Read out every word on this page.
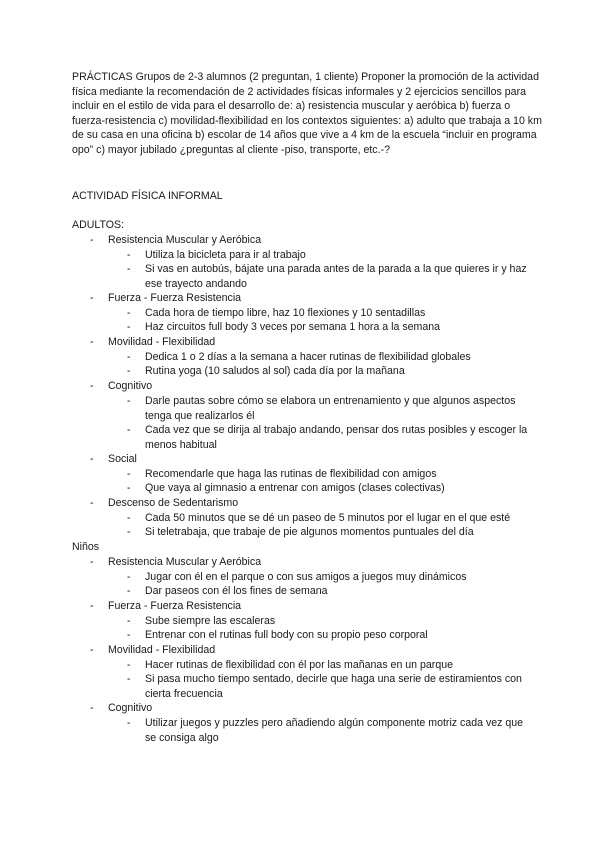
PRÁCTICAS Grupos de 2-3 alumnos (2 preguntan, 1 cliente) Proponer la promoción de la actividad física mediante la recomendación de 2 actividades físicas informales y 2 ejercicios sencillos para incluir en el estilo de vida para el desarrollo de: a) resistencia muscular y aeróbica b) fuerza o fuerza-resistencia c) movilidad-flexibilidad en los contextos siguientes: a) adulto que trabaja a 10 km de su casa en una oficina b) escolar de 14 años que vive a 4 km de la escuela “incluir en programa opo” c) mayor jubilado ¿preguntas al cliente -piso, transporte, etc.-?

ACTIVIDAD FÍSICA INFORMAL

ADULTOS:

- Resistencia Muscular y Aeróbica
- Utiliza la bicicleta para ir al trabajo
- Si vas en autobús, bájate una parada antes de la parada a la que quieres ir y haz ese trayecto andando
- Fuerza - Fuerza Resistencia
- Cada hora de tiempo libre, haz 10 flexiones y 10 sentadillas
- Haz circuitos full body 3 veces por semana 1 hora a la semana
- Movilidad - Flexibilidad
- Dedica 1 o 2 días a la semana a hacer rutinas de flexibilidad globales
- Rutina yoga (10 saludos al sol) cada día por la mañana
- Cognitivo
- Darle pautas sobre cómo se elabora un entrenamiento y que algunos aspectos tenga que realizarlos él
- Cada vez que se dirija al trabajo andando, pensar dos rutas posibles y escoger la menos habitual
- Social
- Recomendarle que haga las rutinas de flexibilidad con amigos
- Que vaya al gimnasio a entrenar con amigos (clases colectivas)
- Descenso de Sedentarismo
- Cada 50 minutos que se dé un paseo de 5 minutos por el lugar en el que esté
- Si teletrabaja, que trabaje de pie algunos momentos puntuales del día

Niños

- Resistencia Muscular y Aeróbica
- Jugar con él en el parque o con sus amigos a juegos muy dinámicos
- Dar paseos con él los fines de semana
- Fuerza - Fuerza Resistencia
- Sube siempre las escaleras
- Entrenar con el rutinas full body con su propio peso corporal
- Movilidad - Flexibilidad
- Hacer rutinas de flexibilidad con él por las mañanas en un parque
- Si pasa mucho tiempo sentado, decirle que haga una serie de estiramientos con cierta frecuencia
- Cognitivo
- Utilizar juegos y puzzles pero añadiendo algún componente motriz cada vez que se consiga algo
